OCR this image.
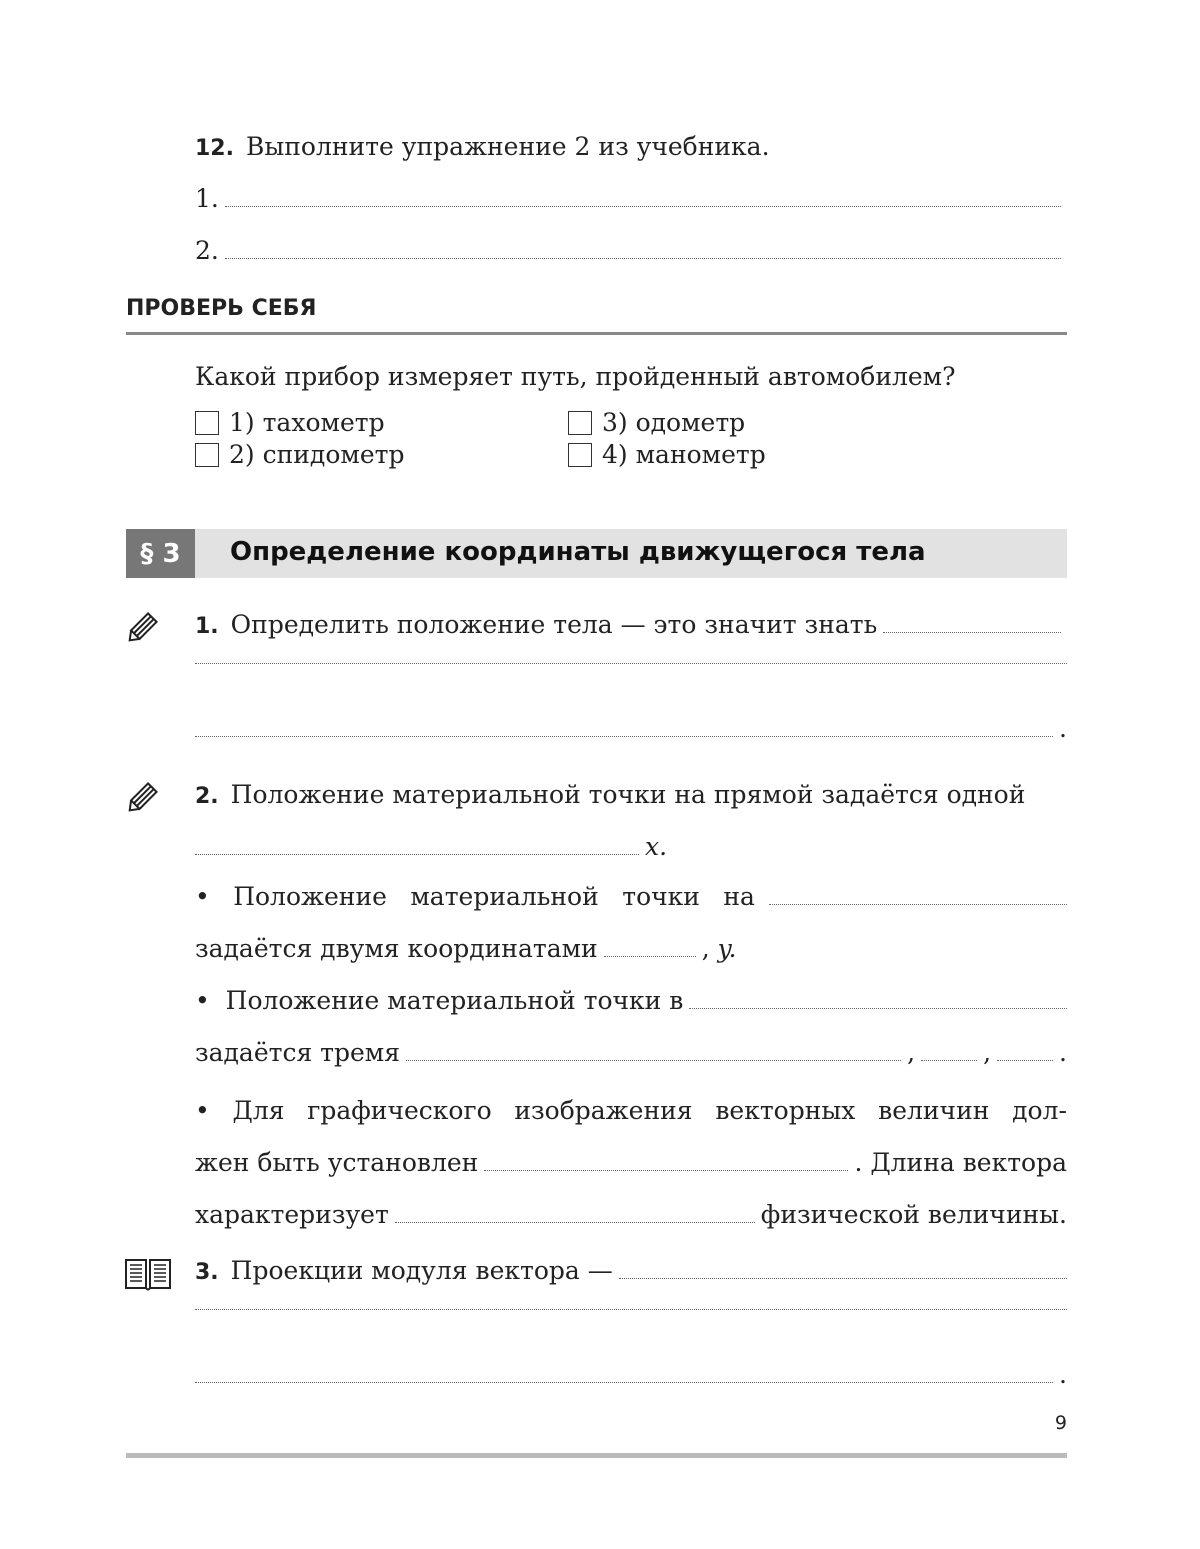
12. Выполните упражнение 2 из учебника.
1.
2.
ПРОВЕРЬ СЕБЯ
Какой прибор измеряет путь, пройденный автомобилем?
1) тахометр
2) спидометр
3) одометр
4) манометр
§ 3	Определение координаты движущегося тела
1. Определить положение тела — это значит знать
.
2. Положение материальной точки на прямой задаётся одной
x.
• Положение материальной точки на
задаётся двумя координатами	,
y.
•  Положение материальной точки в
задаётся тремя	,	,	.
• Для графического изображения векторных величин дол-
жен быть установлен	. Длина вектора
характеризует	физической величины.
3. Проекции модуля вектора —
.
9
